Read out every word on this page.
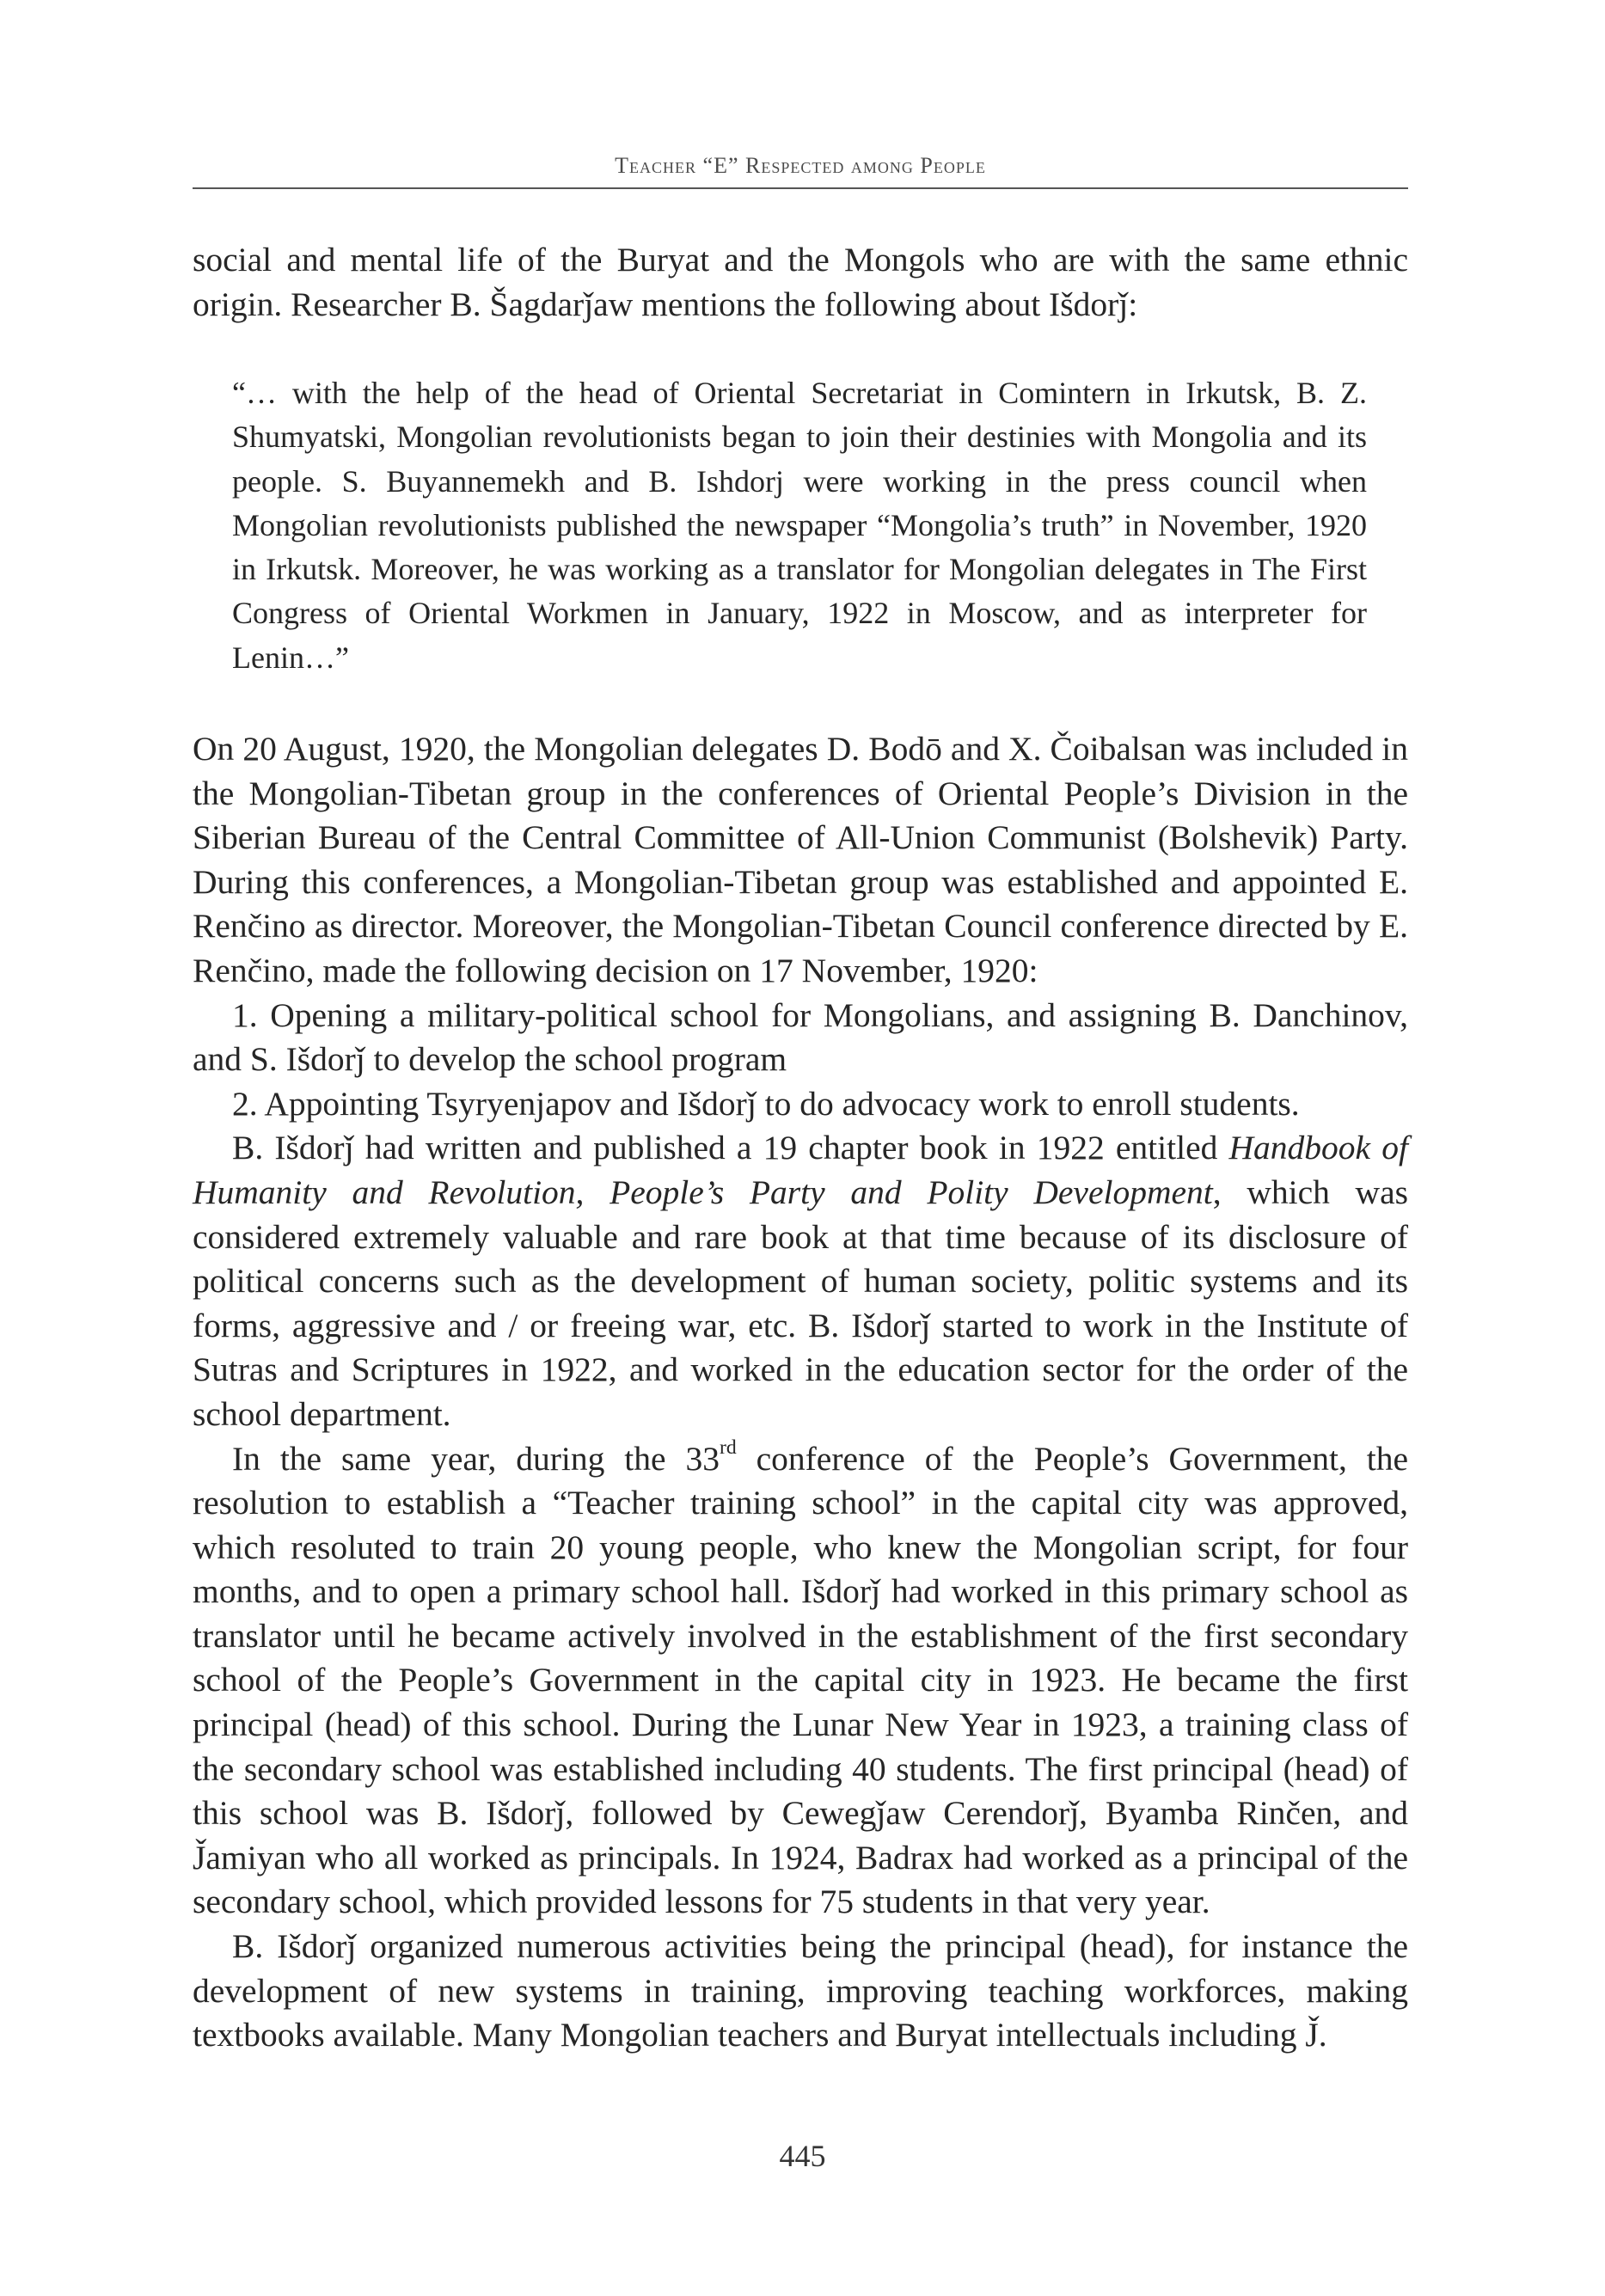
Teacher “E” Respected among People

social and mental life of the Buryat and the Mongols who are with the same ethnic origin. Researcher B. Šagdarǰaw mentions the following about Išdorǰ:

“… with the help of the head of Oriental Secretariat in Comintern in Irkutsk, B. Z. Shumyatski, Mongolian revolutionists began to join their destinies with Mongolia and its people. S. Buyannemekh and B. Ishdorj were working in the press council when Mongolian revolutionists published the newspaper “Mongolia’s truth” in November, 1920 in Irkutsk. Moreover, he was working as a translator for Mongolian delegates in The First Congress of Oriental Workmen in January, 1922 in Moscow, and as interpreter for Lenin…”

On 20 August, 1920, the Mongolian delegates D. Bodō and X. Čoibalsan was included in the Mongolian-Tibetan group in the conferences of Oriental People’s Division in the Siberian Bureau of the Central Committee of All-Union Communist (Bolshevik) Party. During this conferences, a Mongolian-Tibetan group was established and appointed E. Renčino as director. Moreover, the Mongolian-Tibetan Council conference directed by E. Renčino, made the following decision on 17 November, 1920:

1. Opening a military-political school for Mongolians, and assigning B. Danchinov, and S. Išdorǰ to develop the school program

2. Appointing Tsyryenjapov and Išdorǰ to do advocacy work to enroll students.

B. Išdorǰ had written and published a 19 chapter book in 1922 entitled Handbook of Humanity and Revolution, People’s Party and Polity Development, which was considered extremely valuable and rare book at that time because of its disclosure of political concerns such as the development of human society, politic systems and its forms, aggressive and / or freeing war, etc. B. Išdorǰ started to work in the Institute of Sutras and Scriptures in 1922, and worked in the education sector for the order of the school department.

In the same year, during the 33rd conference of the People’s Government, the resolution to establish a “Teacher training school” in the capital city was approved, which resoluted to train 20 young people, who knew the Mongolian script, for four months, and to open a primary school hall. Išdorǰ had worked in this primary school as translator until he became actively involved in the establishment of the first secondary school of the People’s Government in the capital city in 1923. He became the first principal (head) of this school. During the Lunar New Year in 1923, a training class of the secondary school was established including 40 students. The first principal (head) of this school was B. Išdorǰ, followed by Cewegǰaw Cerendorǰ, Byamba Rinčen, and J̌amiyan who all worked as principals. In 1924, Badrax had worked as a principal of the secondary school, which provided lessons for 75 students in that very year.

B. Išdorǰ organized numerous activities being the principal (head), for instance the development of new systems in training, improving teaching workforces, making textbooks available. Many Mongolian teachers and Buryat intellectuals including J̌.

445
